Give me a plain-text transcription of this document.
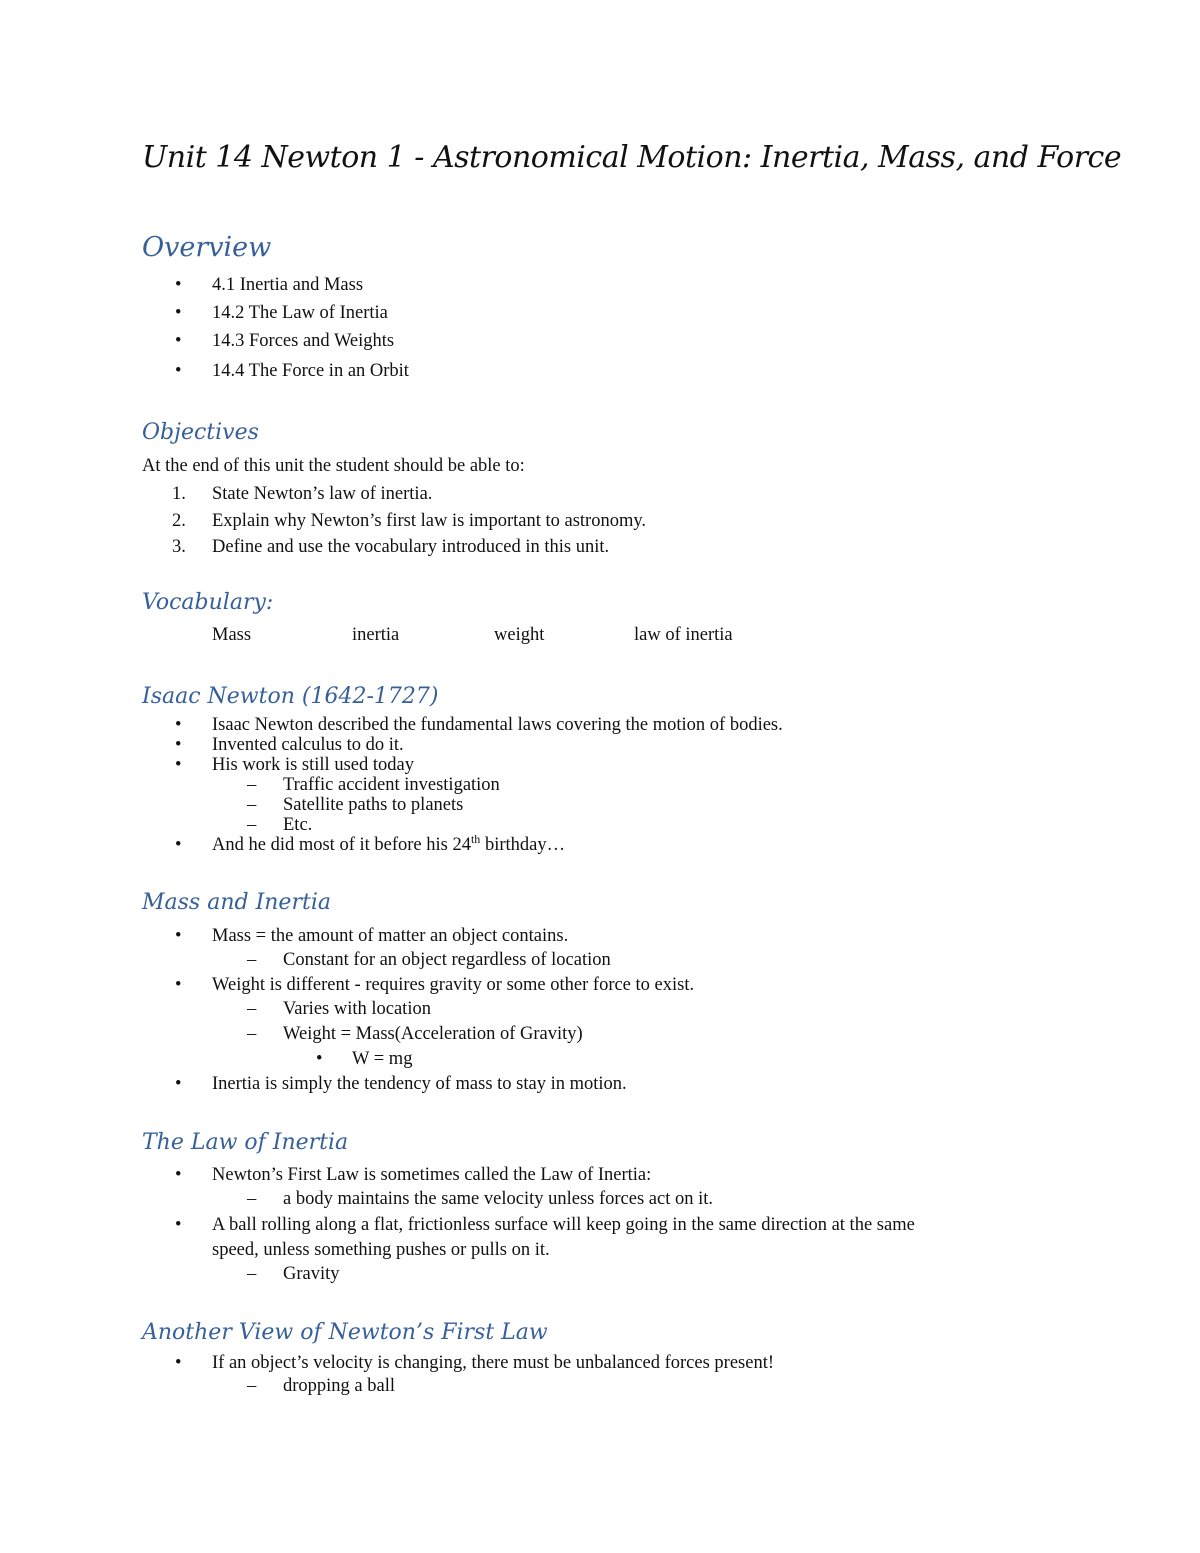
Unit 14 Newton 1 - Astronomical Motion: Inertia, Mass, and Force
Overview
• 4.1 Inertia and Mass
• 14.2 The Law of Inertia
• 14.3 Forces and Weights
• 14.4 The Force in an Orbit
Objectives
At the end of this unit the student should be able to:
1. State Newton’s law of inertia.
2. Explain why Newton’s first law is important to astronomy.
3. Define and use the vocabulary introduced in this unit.
Vocabulary:
Mass	inertia	weight	law of inertia
Isaac Newton (1642-1727)
• Isaac Newton described the fundamental laws covering the motion of bodies.
• Invented calculus to do it.
• His work is still used today
– Traffic accident investigation
– Satellite paths to planets
– Etc.
• And he did most of it before his 24th birthday…
Mass and Inertia
• Mass = the amount of matter an object contains.
– Constant for an object regardless of location
• Weight is different - requires gravity or some other force to exist.
– Varies with location
– Weight = Mass(Acceleration of Gravity)
• W = mg
• Inertia is simply the tendency of mass to stay in motion.
The Law of Inertia
• Newton’s First Law is sometimes called the Law of Inertia:
– a body maintains the same velocity unless forces act on it.
• A ball rolling along a flat, frictionless surface will keep going in the same direction at the same
speed, unless something pushes or pulls on it.
– Gravity
Another View of Newton’s First Law
• If an object’s velocity is changing, there must be unbalanced forces present!
– dropping a ball
